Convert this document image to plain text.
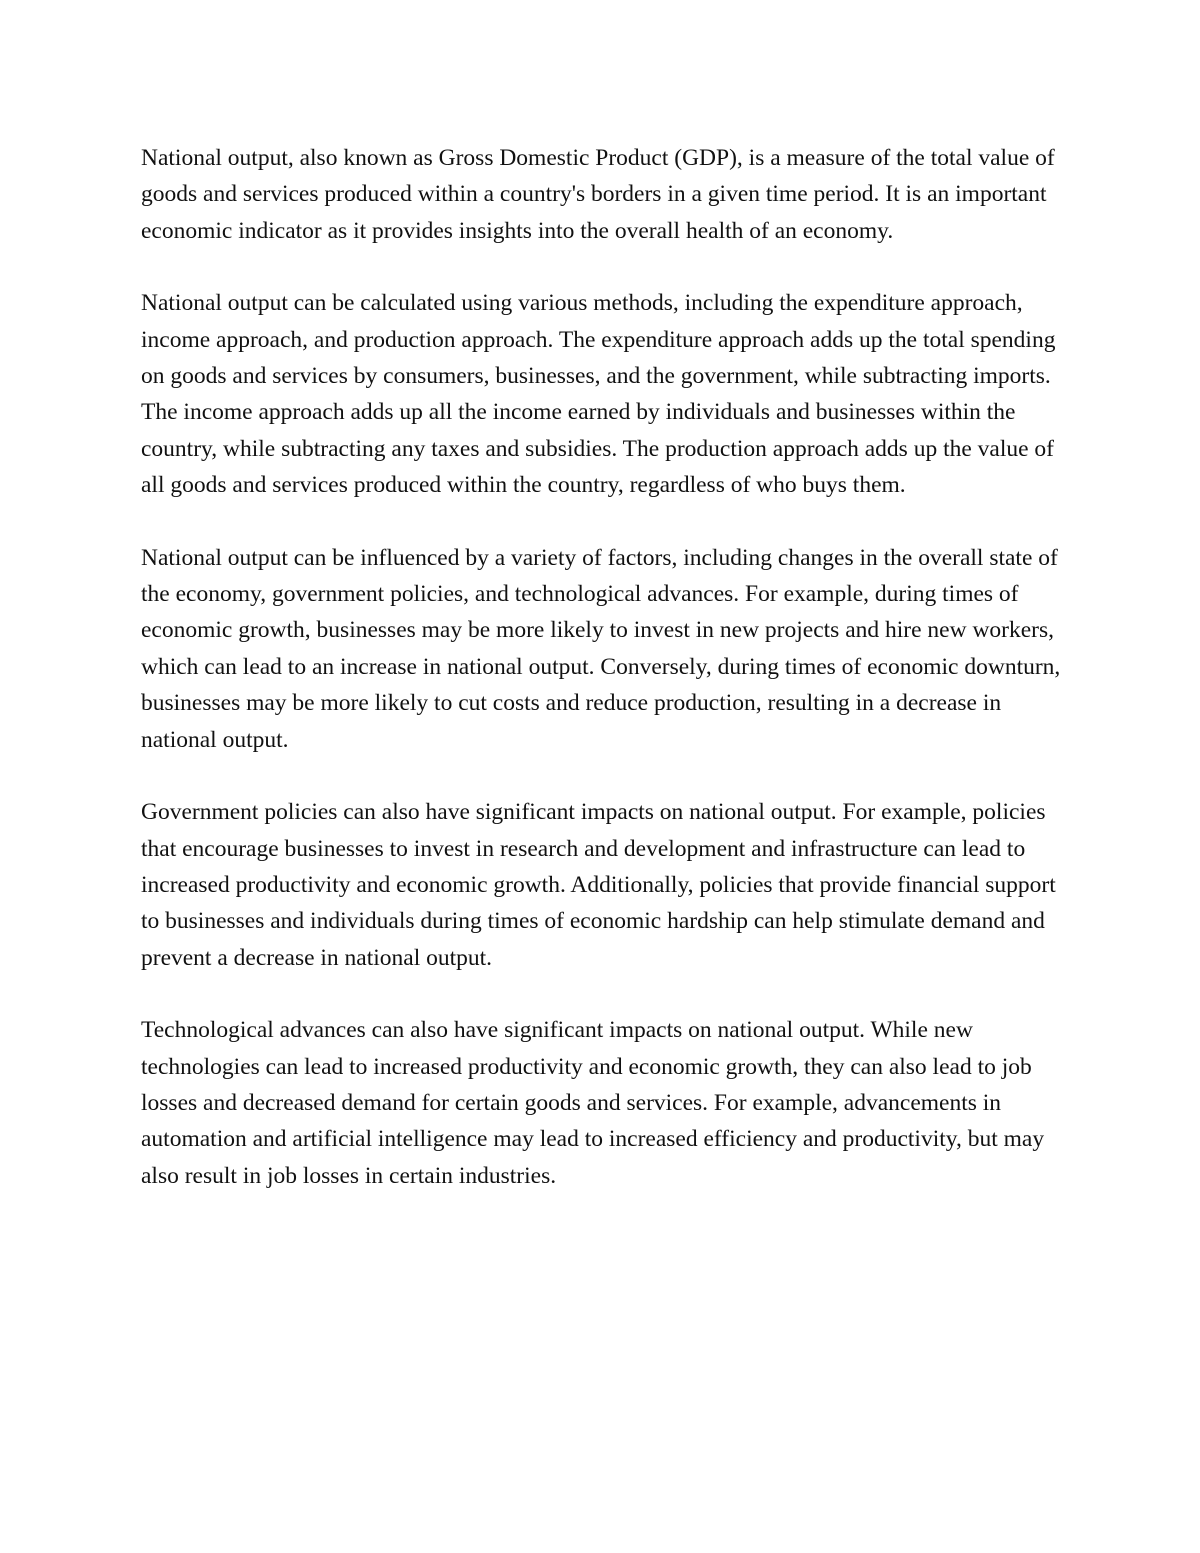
National output, also known as Gross Domestic Product (GDP), is a measure of the total value of goods and services produced within a country's borders in a given time period. It is an important economic indicator as it provides insights into the overall health of an economy.

National output can be calculated using various methods, including the expenditure approach, income approach, and production approach. The expenditure approach adds up the total spending on goods and services by consumers, businesses, and the government, while subtracting imports. The income approach adds up all the income earned by individuals and businesses within the country, while subtracting any taxes and subsidies. The production approach adds up the value of all goods and services produced within the country, regardless of who buys them.

National output can be influenced by a variety of factors, including changes in the overall state of the economy, government policies, and technological advances. For example, during times of economic growth, businesses may be more likely to invest in new projects and hire new workers, which can lead to an increase in national output. Conversely, during times of economic downturn, businesses may be more likely to cut costs and reduce production, resulting in a decrease in national output.

Government policies can also have significant impacts on national output. For example, policies that encourage businesses to invest in research and development and infrastructure can lead to increased productivity and economic growth. Additionally, policies that provide financial support to businesses and individuals during times of economic hardship can help stimulate demand and prevent a decrease in national output.

Technological advances can also have significant impacts on national output. While new technologies can lead to increased productivity and economic growth, they can also lead to job losses and decreased demand for certain goods and services. For example, advancements in automation and artificial intelligence may lead to increased efficiency and productivity, but may also result in job losses in certain industries.
